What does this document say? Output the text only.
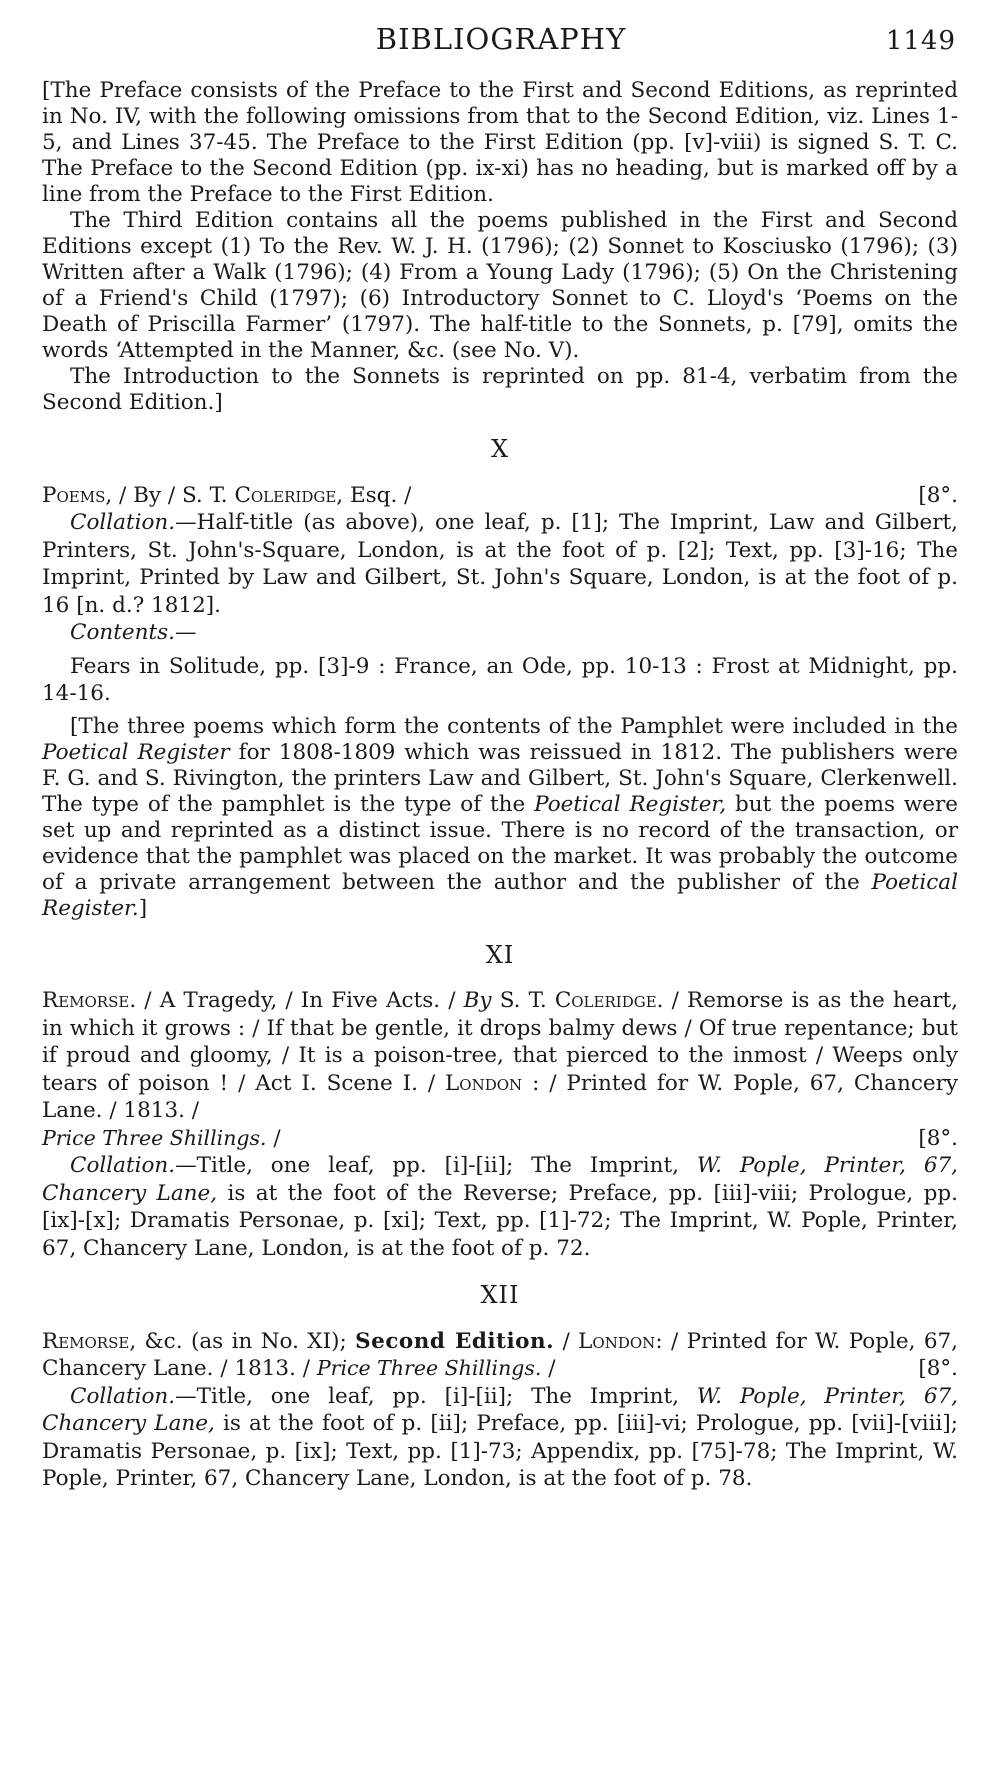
BIBLIOGRAPHY	1149

[The Preface consists of the Preface to the First and Second Editions, as reprinted in No. IV, with the following omissions from that to the Second Edition, viz. Lines 1-5, and Lines 37-45. The Preface to the First Edition (pp. [v]-viii) is signed S. T. C. The Preface to the Second Edition (pp. ix-xi) has no heading, but is marked off by a line from the Preface to the First Edition.

The Third Edition contains all the poems published in the First and Second Editions except (1) To the Rev. W. J. H. (1796); (2) Sonnet to Kosciusko (1796); (3) Written after a Walk (1796); (4) From a Young Lady (1796); (5) On the Christening of a Friend's Child (1797); (6) Introductory Sonnet to C. Lloyd's ‘Poems on the Death of Priscilla Farmer’ (1797). The half-title to the Sonnets, p. [79], omits the words ‘Attempted in the Manner, &c. (see No. V).

The Introduction to the Sonnets is reprinted on pp. 81-4, verbatim from the Second Edition.]

X

Poems, / By / S. T. Coleridge, Esq. /	[8°.

Collation.—Half-title (as above), one leaf, p. [1]; The Imprint, Law and Gilbert, Printers, St. John's-Square, London, is at the foot of p. [2]; Text, pp. [3]-16; The Imprint, Printed by Law and Gilbert, St. John's Square, London, is at the foot of p. 16 [n. d.? 1812].

Contents.—

Fears in Solitude, pp. [3]-9 : France, an Ode, pp. 10-13 : Frost at Midnight, pp. 14-16.

[The three poems which form the contents of the Pamphlet were included in the Poetical Register for 1808-1809 which was reissued in 1812. The publishers were F. G. and S. Rivington, the printers Law and Gilbert, St. John's Square, Clerkenwell. The type of the pamphlet is the type of the Poetical Register, but the poems were set up and reprinted as a distinct issue. There is no record of the transaction, or evidence that the pamphlet was placed on the market. It was probably the outcome of a private arrangement between the author and the publisher of the Poetical Register.]

XI

Remorse. / A Tragedy, / In Five Acts. / By S. T. Coleridge. / Remorse is as the heart, in which it grows : / If that be gentle, it drops balmy dews / Of true repentance; but if proud and gloomy, / It is a poison-tree, that pierced to the inmost / Weeps only tears of poison ! / Act I. Scene I. / London : / Printed for W. Pople, 67, Chancery Lane. / 1813. /

Price Three Shillings. /	[8°.

Collation.—Title, one leaf, pp. [i]-[ii]; The Imprint, W. Pople, Printer, 67, Chancery Lane, is at the foot of the Reverse; Preface, pp. [iii]-viii; Prologue, pp. [ix]-[x]; Dramatis Personae, p. [xi]; Text, pp. [1]-72; The Imprint, W. Pople, Printer, 67, Chancery Lane, London, is at the foot of p. 72.

XII

Remorse, &c. (as in No. XI); Second Edition. / London: / Printed for W. Pople, 67, Chancery Lane. / 1813. / Price Three Shillings. /	[8°.

Collation.—Title, one leaf, pp. [i]-[ii]; The Imprint, W. Pople, Printer, 67, Chancery Lane, is at the foot of p. [ii]; Preface, pp. [iii]-vi; Prologue, pp. [vii]-[viii]; Dramatis Personae, p. [ix]; Text, pp. [1]-73; Appendix, pp. [75]-78; The Imprint, W. Pople, Printer, 67, Chancery Lane, London, is at the foot of p. 78.
